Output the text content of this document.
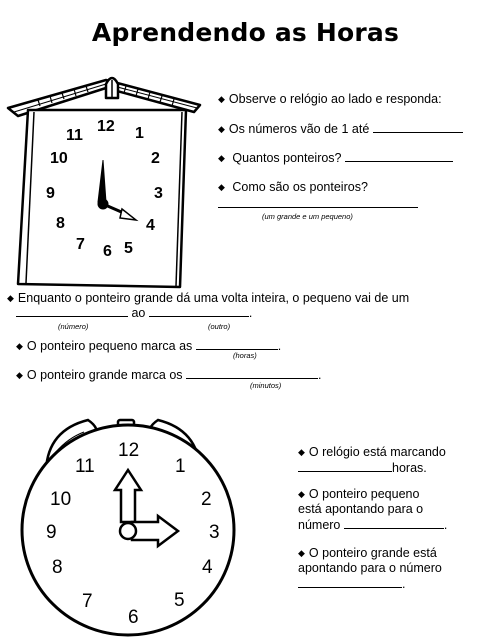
Aprendendo as Horas
12 1
2
3
4
5
6
7
8
9
10
11
12
1
2
3
4
5
6
7
8
9
10
11
◆ Observe o relógio ao lado e responda:
◆ Os números vão de 1 até
◆ Quantos ponteiros?
◆ Como são os ponteiros?
(um grande e um pequeno)
◆ Enquanto o ponteiro grande dá uma volta inteira, o pequeno vai de um
ao	.
(número)	(outro)
◆ O ponteiro pequeno marca as	.
(horas)
◆ O ponteiro grande marca os	.
(minutos)
◆ O relógio está marcando
horas.
◆ O ponteiro pequeno
está apontando para o
número	.
◆ O ponteiro grande está
apontando para o número
.
